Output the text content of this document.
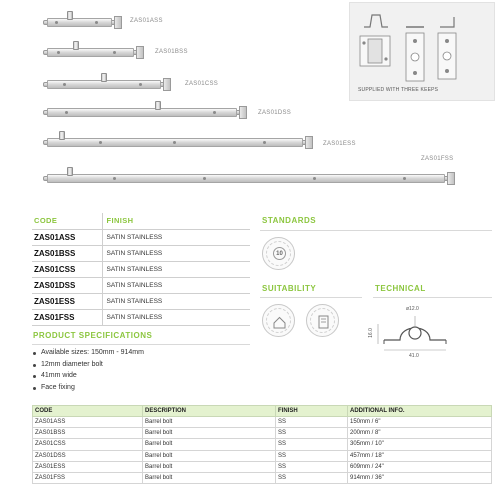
ZAS01ASS
ZAS01BSS
ZAS01CSS
ZAS01DSS
ZAS01ESS
ZAS01FSS
SUPPLIED WITH THREE KEEPS
CODE	FINISH
ZAS01ASS	SATIN STAINLESS
ZAS01BSS	SATIN STAINLESS
ZAS01CSS	SATIN STAINLESS
ZAS01DSS	SATIN STAINLESS
ZAS01ESS	SATIN STAINLESS
ZAS01FSS	SATIN STAINLESS
STANDARDS
10
SUITABILITY	TECHNICAL
ø12.0
16.0
41.0
PRODUCT SPECIFICATIONS
Available sizes: 150mm - 914mm
12mm diameter bolt
41mm wide
Face fixing
CODE	DESCRIPTION	FINISH	ADDITIONAL INFO.
ZAS01ASS	Barrel bolt	SS	150mm / 6"
ZAS01BSS	Barrel bolt	SS	200mm / 8"
ZAS01CSS	Barrel bolt	SS	305mm / 10"
ZAS01DSS	Barrel bolt	SS	457mm / 18"
ZAS01ESS	Barrel bolt	SS	609mm / 24"
ZAS01FSS	Barrel bolt	SS	914mm / 36"
